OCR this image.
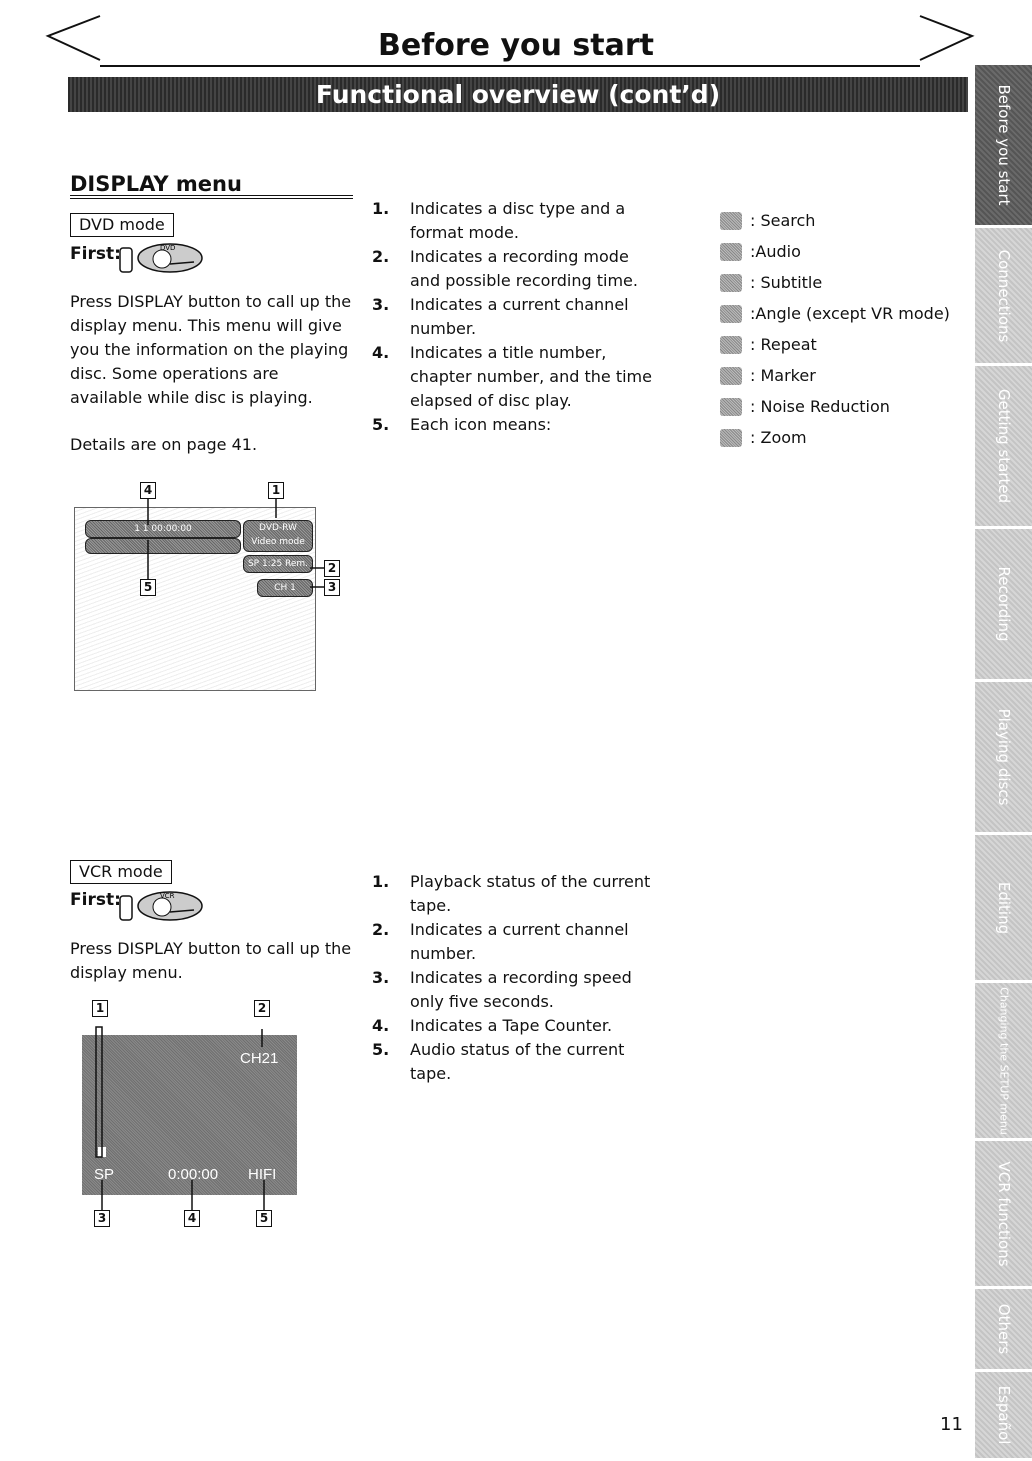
Before you start
Functional overview (cont’d)	Before you start
Connections
Getting started
Recording
Playing discs
Editing
Changing the SETUP menu
VCR functions
Others
Español
DISPLAY menu
DVD mode
First:	DVD
Press DISPLAY button to call up the display menu. This menu will give you the information on the playing disc. Some operations are available while disc is playing.
Details are on page 41.
1 1 00:00:00	DVD-RW
Video mode
SP 1:25 Rem.
CH 1
4	1
2
3
5
1. Indicates a disc type and a format mode.
2. Indicates a recording mode and possible recording time.
3. Indicates a current channel number.
4. Indicates a title number, chapter number, and the time elapsed of disc play.
5. Each icon means:
: Search
:Audio
: Subtitle
:Angle (except VR mode)
: Repeat
: Marker
: Noise Reduction
: Zoom
VCR mode
First:	VCR
Press DISPLAY button to call up the display menu.
CH21
SP	0:00:00 HIFI
1	2
3	4	5
1. Playback status of the current tape.
2. Indicates a current channel number.
3. Indicates a recording speed only five seconds.
4. Indicates a Tape Counter.
5. Audio status of the current tape.
11
